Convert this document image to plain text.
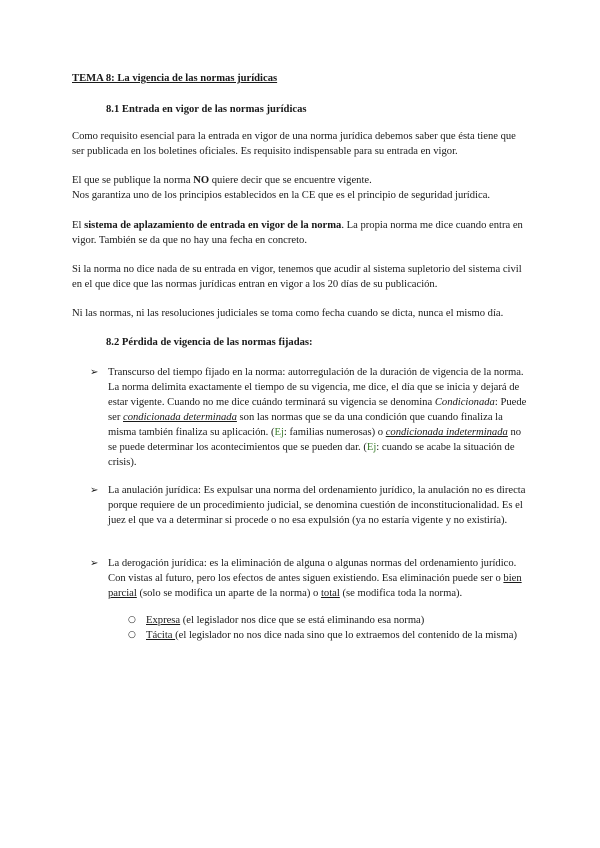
TEMA 8: La vigencia de las normas jurídicas

8.1 Entrada en vigor de las normas jurídicas

Como requisito esencial para la entrada en vigor de una norma jurídica debemos saber que ésta tiene que ser publicada en los boletines oficiales. Es requisito indispensable para su entrada en vigor.

El que se publique la norma NO quiere decir que se encuentre vigente.
Nos garantiza uno de los principios establecidos en la CE que es el principio de seguridad jurídica.

El sistema de aplazamiento de entrada en vigor de la norma. La propia norma me dice cuando entra en vigor. También se da que no hay una fecha en concreto.

Si la norma no dice nada de su entrada en vigor, tenemos que acudir al sistema supletorio del sistema civil en el que dice que las normas jurídicas entran en vigor a los 20 días de su publicación.

Ni las normas, ni las resoluciones judiciales se toma como fecha cuando se dicta, nunca el mismo día.

8.2 Pérdida de vigencia de las normas fijadas:

➢ Transcurso del tiempo fijado en la norma: autorregulación de la duración de vigencia de la norma. La norma delimita exactamente el tiempo de su vigencia, me dice, el día que se inicia y dejará de estar vigente. Cuando no me dice cuándo terminará su vigencia se denomina Condicionada: Puede ser condicionada determinada son las normas que se da una condición que cuando finaliza la misma también finaliza su aplicación. (Ej: familias numerosas) o condicionada indeterminada no se puede determinar los acontecimientos que se pueden dar. (Ej: cuando se acabe la situación de crisis).
➢ La anulación jurídica: Es expulsar una norma del ordenamiento jurídico, la anulación no es directa porque requiere de un procedimiento judicial, se denomina cuestión de inconstitucionalidad. Es el juez el que va a determinar si procede o no esa expulsión (ya no estaría vigente y no existiría).
➢ La derogación jurídica: es la eliminación de alguna o algunas normas del ordenamiento jurídico. Con vistas al futuro, pero los efectos de antes siguen existiendo. Esa eliminación puede ser o bien parcial (solo se modifica un aparte de la norma) o total (se modifica toda la norma).
○ Expresa (el legislador nos dice que se está eliminando esa norma)
○ Tácita (el legislador no nos dice nada sino que lo extraemos del contenido de la misma)
